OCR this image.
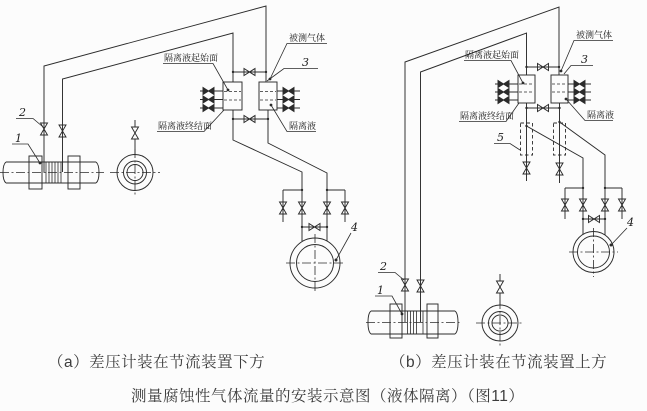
2
1
隔离液起始面
被测气体
3
隔离液终结面	隔离液
4
2
1
隔离液起始面
被测气体
3
隔离液终结面	隔离液
4
5
（a）差压计装在节流装置下方	（b）差压计装在节流装置上方
测量腐蚀性气体流量的安装示意图（液体隔离）（图11）
